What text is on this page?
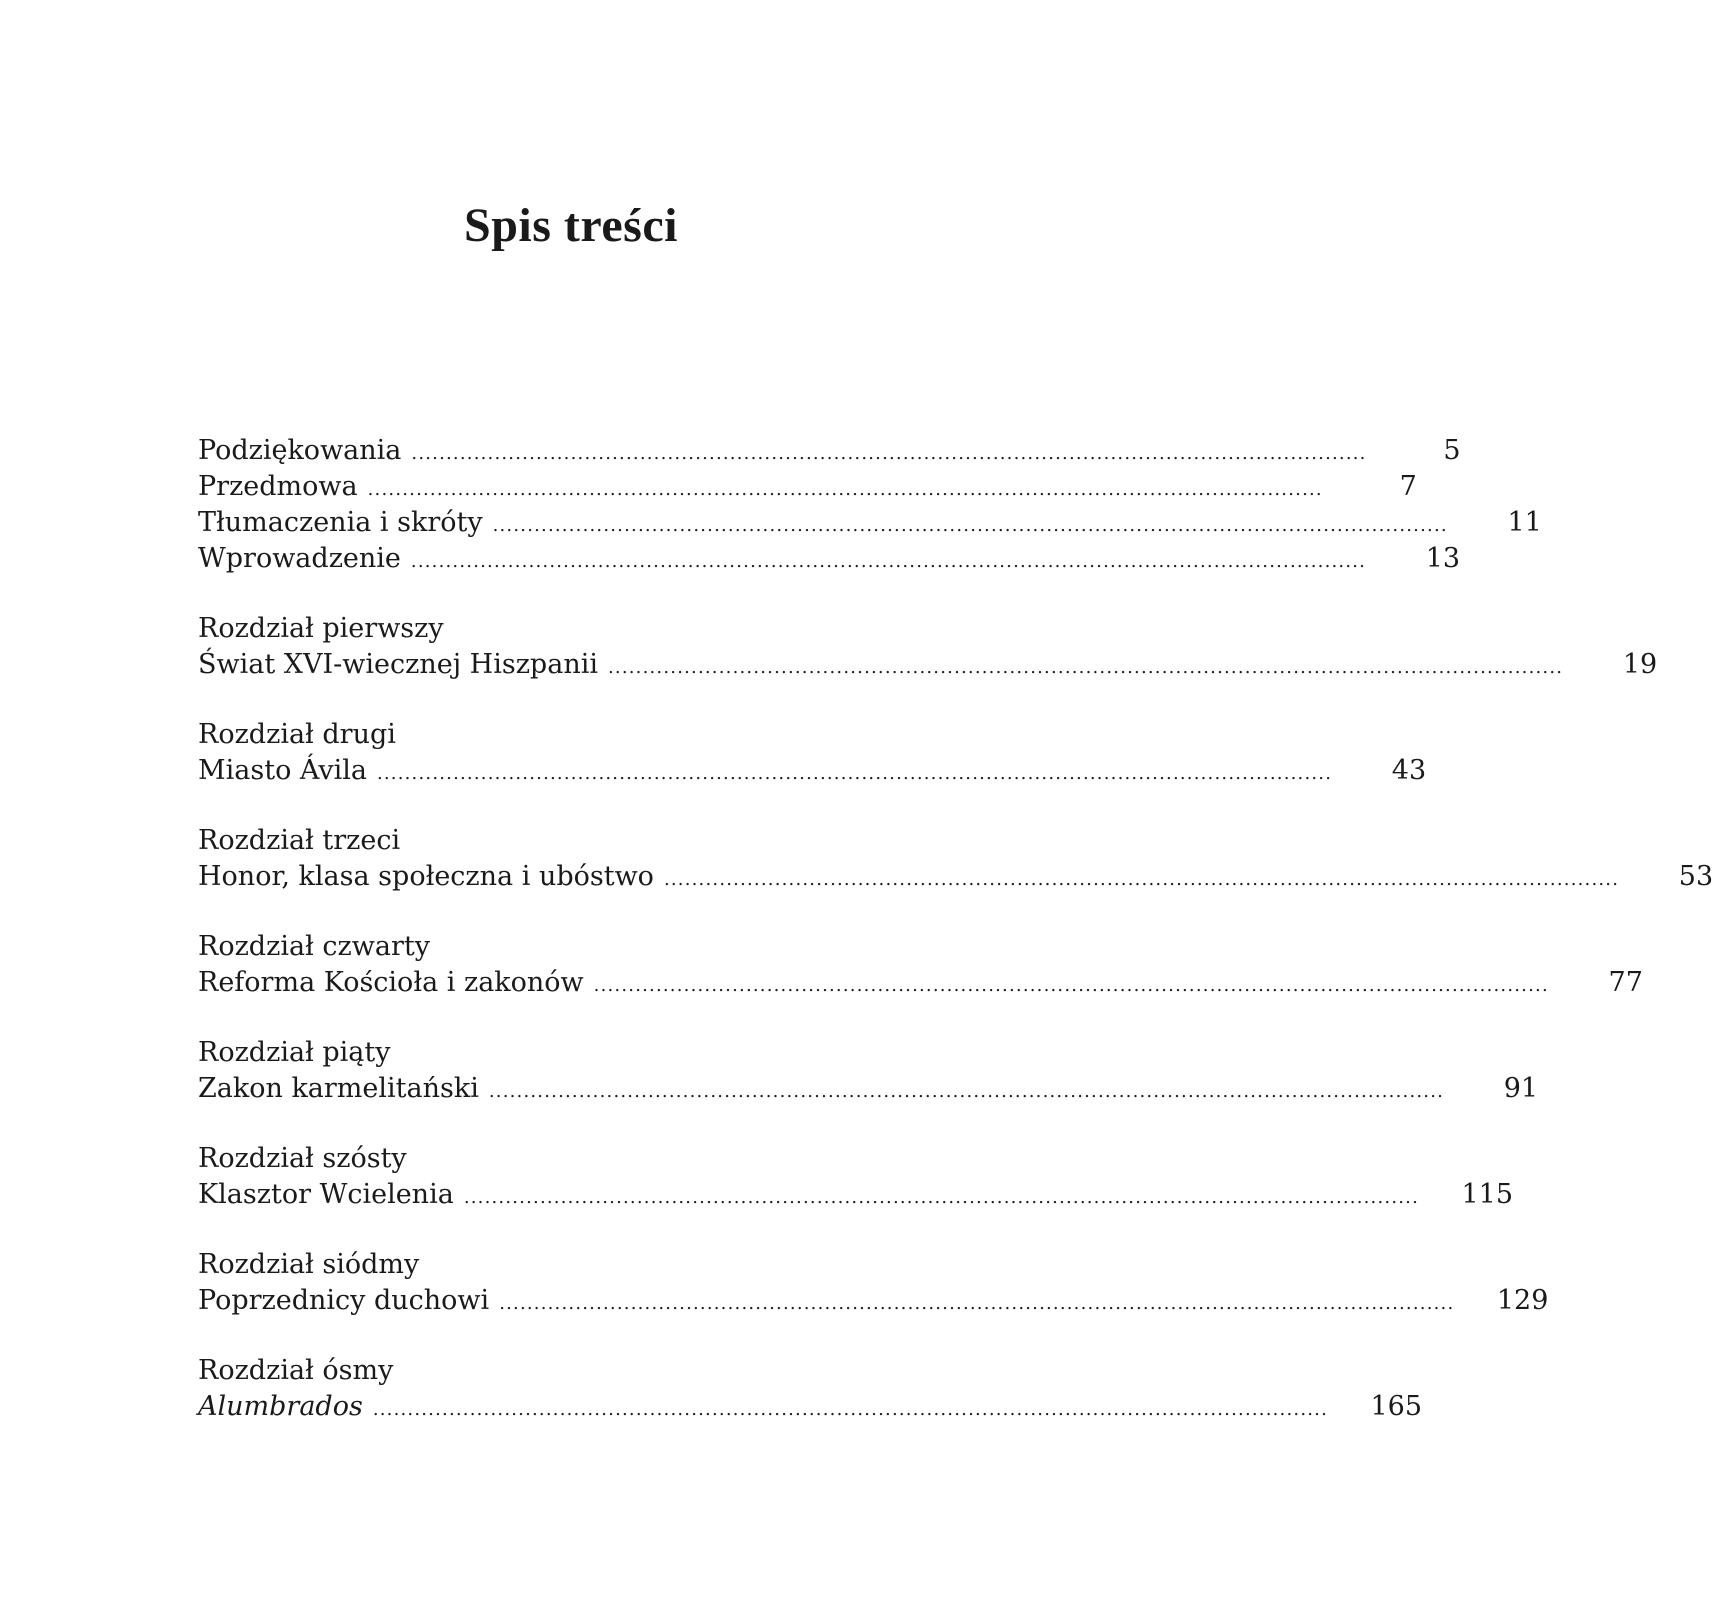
Spis treści
Podziękowania ..........................................................................................................................................	5
Przedmowa ..........................................................................................................................................	7
Tłumaczenia i skróty ..........................................................................................................................................	11
Wprowadzenie ..........................................................................................................................................	13
Rozdział pierwszy
Świat XVI-wiecznej Hiszpanii ..........................................................................................................................................	19
Rozdział drugi
Miasto Ávila ..........................................................................................................................................	43
Rozdział trzeci
Honor, klasa społeczna i ubóstwo ..........................................................................................................................................	53
Rozdział czwarty
Reforma Kościoła i zakonów ..........................................................................................................................................	77
Rozdział piąty
Zakon karmelitański ..........................................................................................................................................	91
Rozdział szósty
Klasztor Wcielenia ..........................................................................................................................................	115
Rozdział siódmy
Poprzednicy duchowi ..........................................................................................................................................	129
Rozdział ósmy
Alumbrados ..........................................................................................................................................	165
